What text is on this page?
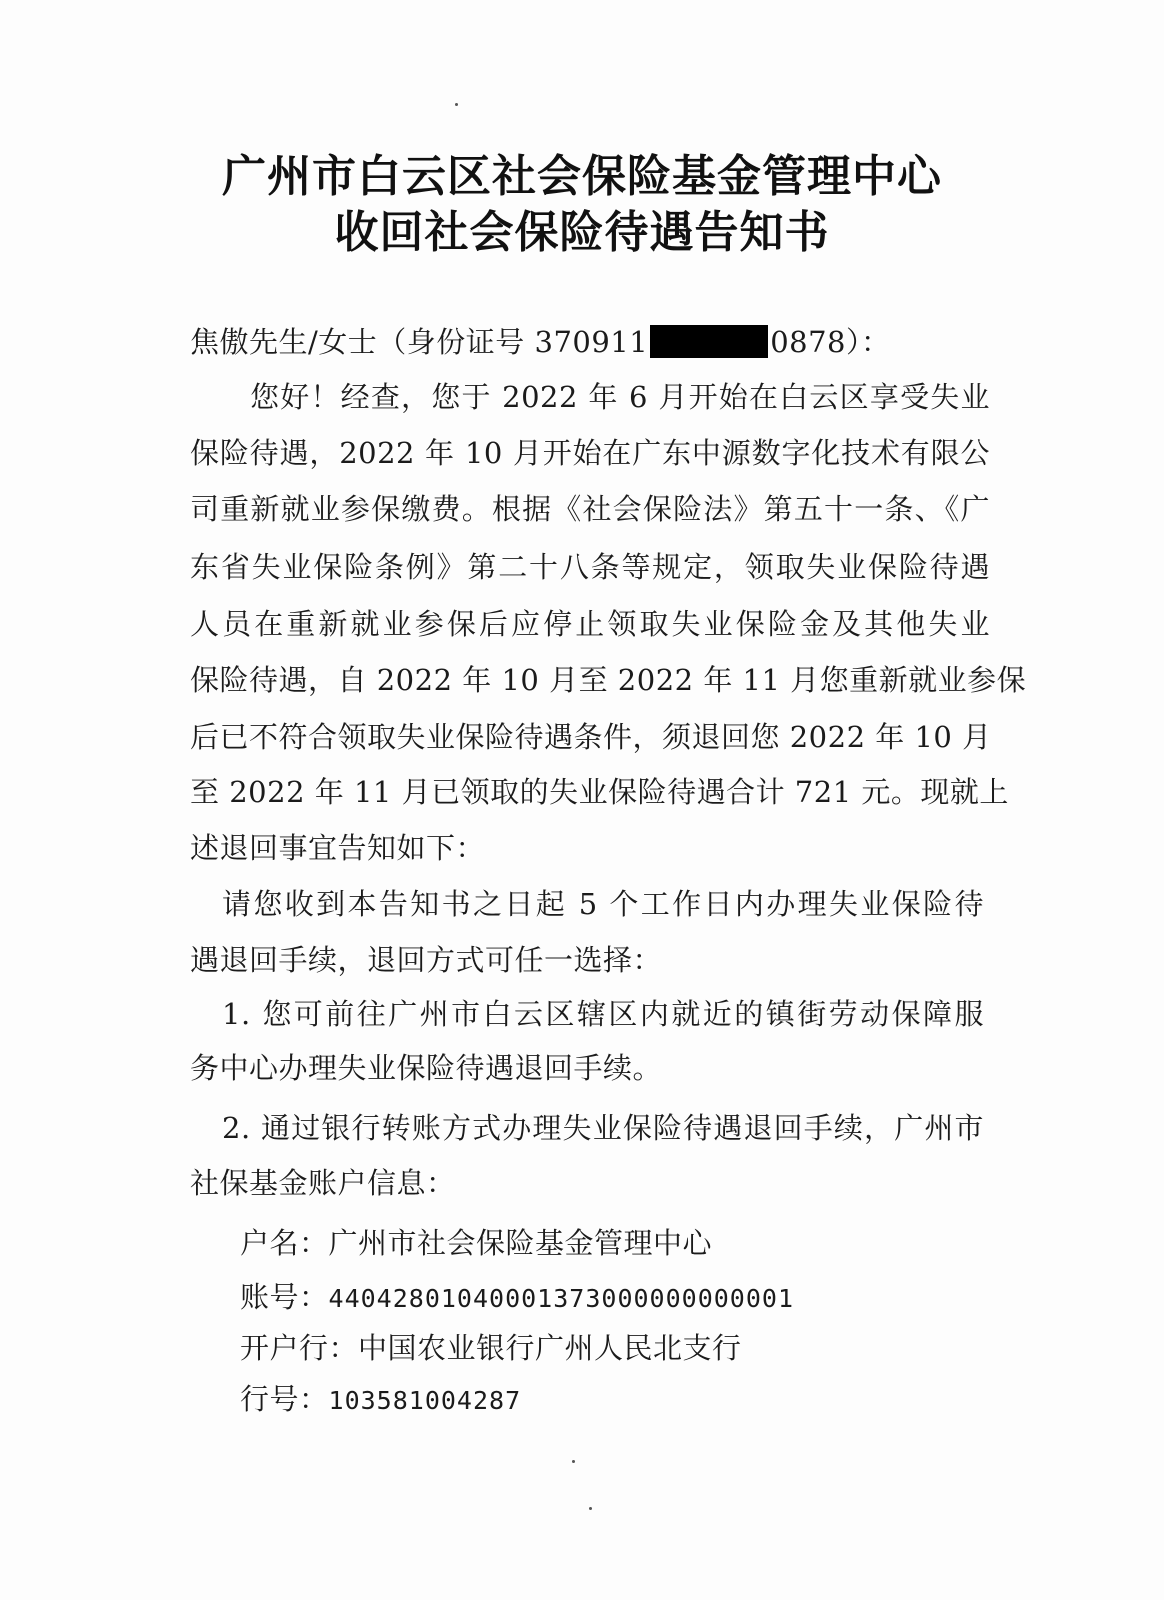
广州市白云区社会保险基金管理中心
收回社会保险待遇告知书
焦傲先生/女士（身份证号 370911	0878）：
您好！经查，您于 2022 年 6 月开始在白云区享受失业
保险待遇，2022 年 10 月开始在广东中源数字化技术有限公
司重新就业参保缴费。根据《社会保险法》第五十一条、《广
东省失业保险条例》第二十八条等规定，领取失业保险待遇
人员在重新就业参保后应停止领取失业保险金及其他失业
保险待遇，自 2022 年 10 月至 2022 年 11 月您重新就业参保
后已不符合领取失业保险待遇条件，须退回您 2022 年 10 月
至 2022 年 11 月已领取的失业保险待遇合计 721 元。现就上
述退回事宜告知如下：
请您收到本告知书之日起 5 个工作日内办理失业保险待
遇退回手续，退回方式可任一选择：
1. 您可前往广州市白云区辖区内就近的镇街劳动保障服
务中心办理失业保险待遇退回手续。
2. 通过银行转账方式办理失业保险待遇退回手续，广州市
社保基金账户信息：
户名：广州市社会保险基金管理中心
账号：44042801040001373000000000001
开户行：中国农业银行广州人民北支行
行号：103581004287
